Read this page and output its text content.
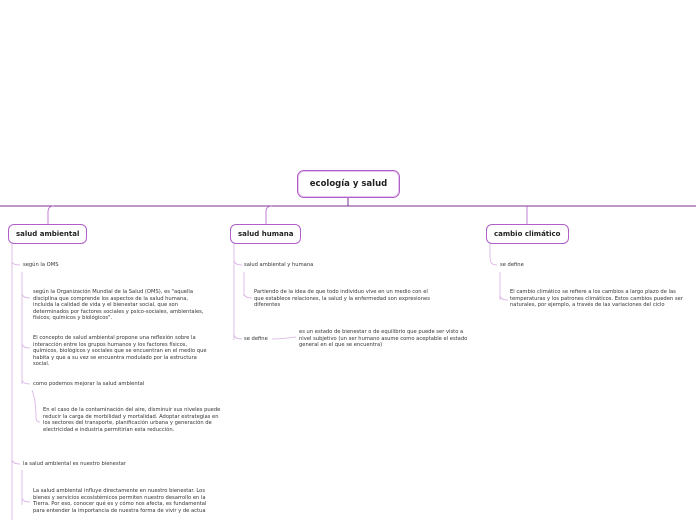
ecología y salud
salud ambiental	salud humana	cambio climático
según la OMS
según la Organización Mundial de la Salud (OMS), es "aquella disciplina que comprende los aspectos de la salud humana, incluida la calidad de vida y el bienestar social, que son determinados por factores sociales y psico-sociales, ambientales, físicos; químicos y biológicos".
El concepto de salud ambiental propone una reflexión sobre la interacción entre los grupos humanos y los factores físicos, químicos, biológicos y sociales que se encuentran en el medio que habita y que a su vez se encuentra modulado por la estructura social.
como podemos mejorar la salud ambiental
En el caso de la contaminación del aire, disminuir sus niveles puede reducir la carga de morbilidad y mortalidad. Adoptar estrategias en los sectores del transporte, planificación urbana y generación de electricidad e industria permitirían esta reducción.
la salud ambiental es nuestro bienestar
La salud ambiental influye directamente en nuestro bienestar. Los bienes y servicios ecosistémicos permiten nuestro desarrollo en la Tierra. Por eso, conocer qué es y cómo nos afecta, es fundamental para entender la importancia de nuestra forma de vivir y de actua
salud ambiental y humana
Partiendo de la idea de que todo individuo vive en un medio con el que establece relaciones, la salud y la enfermedad son expresiones diferentes
se define
es un estado de bienestar o de equilibrio que puede ser visto a nivel subjetivo (un ser humano asume como aceptable el estado general en el que se encuentra)
se define
El cambio climático se refiere a los cambios a largo plazo de las temperaturas y los patrones climáticos. Estos cambios pueden ser naturales, por ejemplo, a través de las variaciones del ciclo
